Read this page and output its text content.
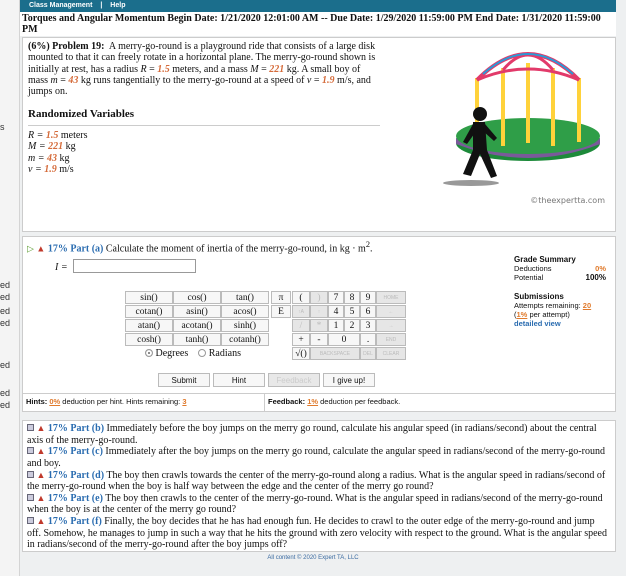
s
ed
ed
ed
ed
ed
ed
ed
Class Management | Help
Torques and Angular Momentum Begin Date: 1/21/2020 12:01:00 AM -- Due Date: 1/29/2020 11:59:00 PM End Date: 1/31/2020 11:59:00 PM
(6%) Problem 19: A merry-go-round is a playground ride that consists of a large disk mounted to that it can freely rotate in a horizontal plane. The merry-go-round shown is initially at rest, has a radius R = 1.5 meters, and a mass M = 221 kg. A small boy of mass m = 43 kg runs tangentially to the merry-go-round at a speed of v = 1.9 m/s, and jumps on.
Randomized Variables
R = 1.5 meters
M = 221 kg
m = 43 kg
v = 1.9 m/s
©theexpertta.com
▷ ▲ 17% Part (a) Calculate the moment of inertia of the merry-go-round, in kg · $m^2$.
I =
sin()	cos()	tan()
cotan()	asin()	acos()
atan()	acotan()	sinh()
cosh()	tanh()	cotanh()
π
E
(	)	7	8	9	HOME
↑A	↑	4	5	6	←
/	*	1	2	3	→
+	-	0	.	END
√()	BACKSPACE	DEL	CLEAR
Degrees Radians
Submit	Hint	Feedback	I give up!
Grade Summary
Deductions	0%
Potential	100%
Submissions
Attempts remaining: 20
(1% per attempt)
detailed view
Hints: 0% deduction per hint. Hints remaining: 3	Feedback: 1% deduction per feedback.
▲ 17% Part (b) Immediately before the boy jumps on the merry go round, calculate his angular speed (in radians/second) about the central axis of the merry-go-round.
▲ 17% Part (c) Immediately after the boy jumps on the merry go round, calculate the angular speed in radians/second of the merry-go-round and boy.
▲ 17% Part (d) The boy then crawls towards the center of the merry-go-round along a radius. What is the angular speed in radians/second of the merry-go-round when the boy is half way between the edge and the center of the merry go round?
▲ 17% Part (e) The boy then crawls to the center of the merry-go-round. What is the angular speed in radians/second of the merry-go-round when the boy is at the center of the merry go round?
▲ 17% Part (f) Finally, the boy decides that he has had enough fun. He decides to crawl to the outer edge of the merry-go-round and jump off. Somehow, he manages to jump in such a way that he hits the ground with zero velocity with respect to the ground. What is the angular speed in radians/second of the merry-go-round after the boy jumps off?
All content © 2020 Expert TA, LLC
